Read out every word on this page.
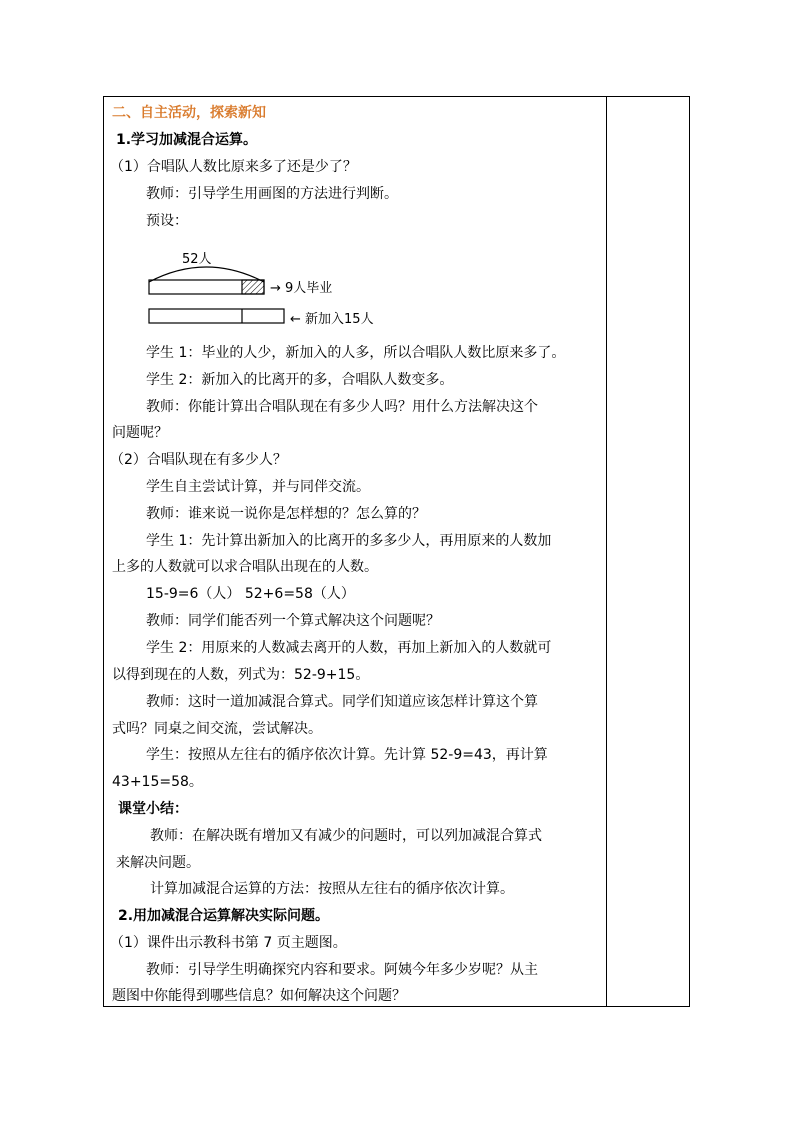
二、自主活动，探索新知
1.学习加减混合运算。
（1）合唱队人数比原来多了还是少了？
教师：引导学生用画图的方法进行判断。
预设：
52人
→ 9人毕业
← 新加入15人
学生 1：毕业的人少，新加入的人多，所以合唱队人数比原来多了。
学生 2：新加入的比离开的多，合唱队人数变多。
教师：你能计算出合唱队现在有多少人吗？用什么方法解决这个
问题呢？
（2）合唱队现在有多少人？
学生自主尝试计算，并与同伴交流。
教师：谁来说一说你是怎样想的？怎么算的？
学生 1：先计算出新加入的比离开的多多少人，再用原来的人数加
上多的人数就可以求合唱队出现在的人数。
15-9=6（人） 52+6=58（人）
教师：同学们能否列一个算式解决这个问题呢？
学生 2：用原来的人数减去离开的人数，再加上新加入的人数就可
以得到现在的人数，列式为：52-9+15。
教师：这时一道加减混合算式。同学们知道应该怎样计算这个算
式吗？同桌之间交流，尝试解决。
学生：按照从左往右的循序依次计算。先计算 52-9=43，再计算
43+15=58。
课堂小结：
教师：在解决既有增加又有减少的问题时，可以列加减混合算式
来解决问题。
计算加减混合运算的方法：按照从左往右的循序依次计算。
2.用加减混合运算解决实际问题。
（1）课件出示教科书第 7 页主题图。
教师：引导学生明确探究内容和要求。阿姨今年多少岁呢？从主
题图中你能得到哪些信息？如何解决这个问题？
